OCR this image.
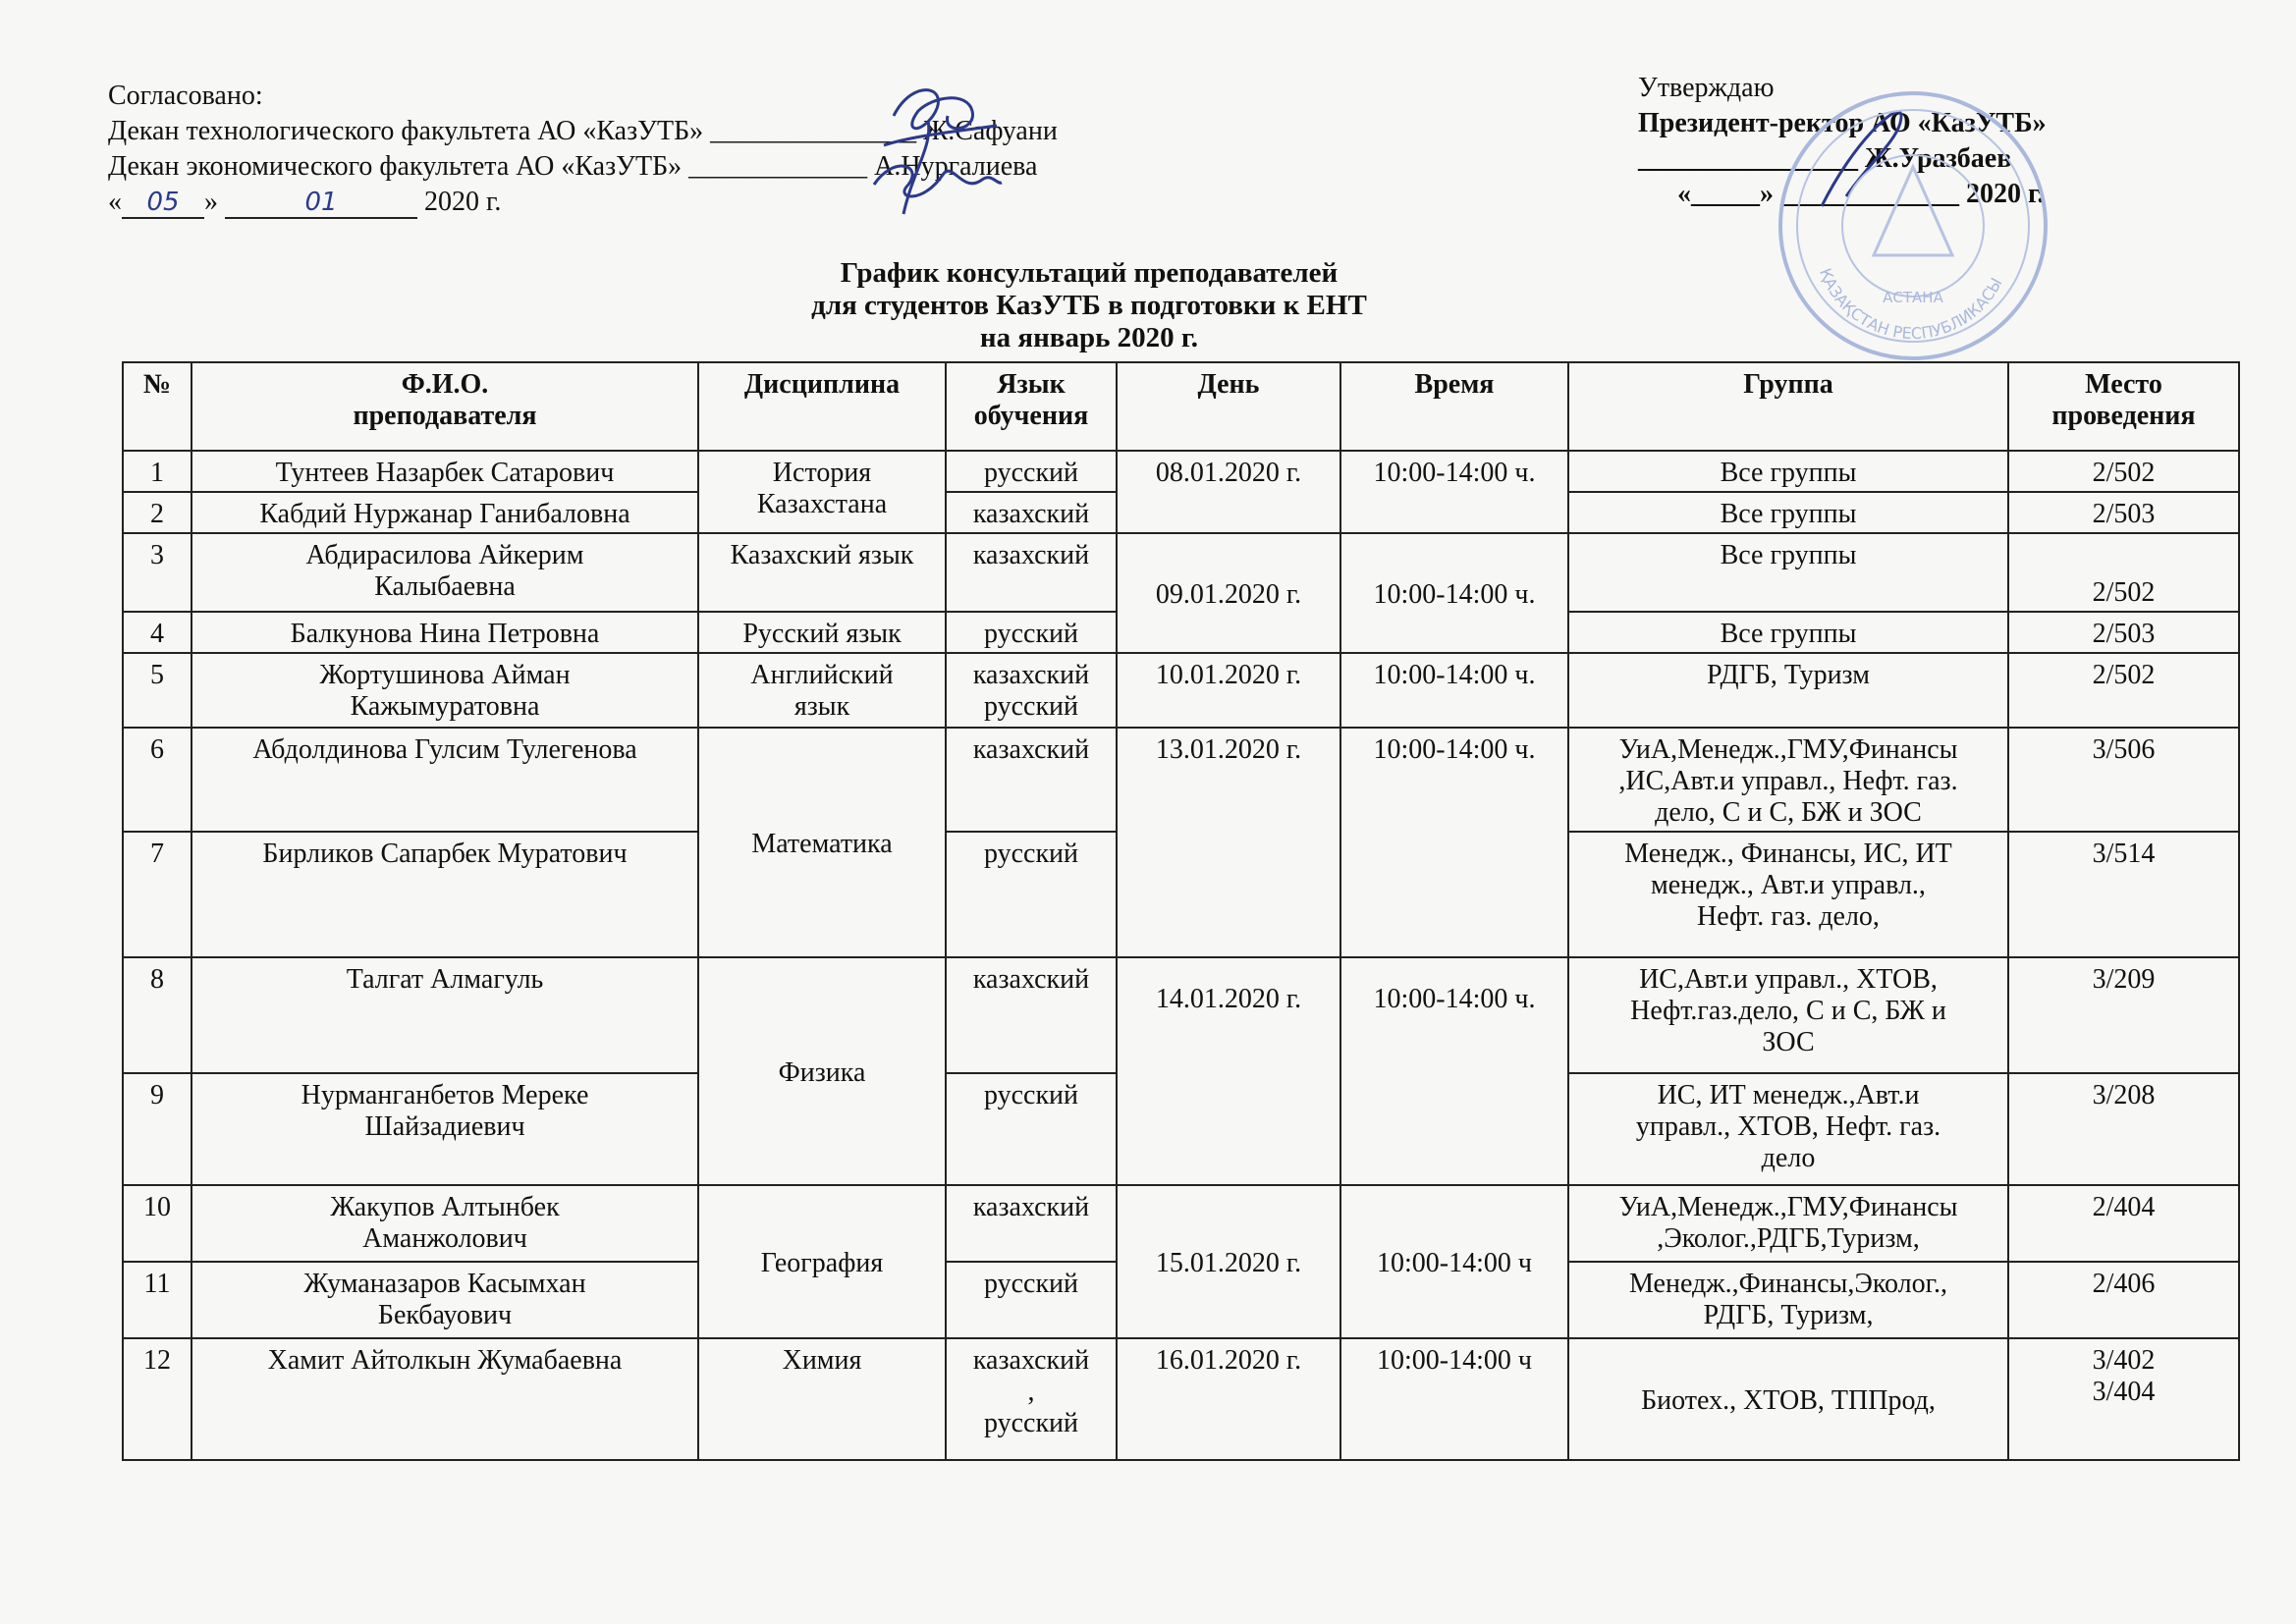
Согласовано:
Декан технологического факультета АО «КазУТБ» _______________ Ж.Сафуани
Декан экономического факультета АО «КазУТБ» _____________ А.Нургалиева
« 05 »	01	2020 г.
Утверждаю
Президент-ректор АО «КазУТБ»
________________ Ж.Уразбаев
«_____» _____________ 2020 г.
ҚАЗАҚСТАН РЕСПУБЛИКАСЫ
АСТАНА
График консультаций преподавателей
для студентов КазУТБ в подготовки к ЕНТ
на январь 2020 г.
№	Ф.И.О.
преподавателя	Дисциплина	Язык
обучения	День	Время	Группа	Место
проведения

1	Тунтеев Назарбек Сатарович	История
Казахстана	русский	08.01.2020 г.	10:00-14:00 ч.	Все группы	2/502
2	Кабдий Нуржанар Ганибаловна		казахский			Все группы	2/503
3	Абдирасилова Айкерим
Калыбаевна	Казахский язык	казахский	09.01.2020 г.	10:00-14:00 ч.	Все группы	2/502
4	Балкунова Нина Петровна	Русский язык	русский			Все группы	2/503
5	Жортушинова Айман
Кажымуратовна	Английский
язык	казахский
русский	10.01.2020 г.	10:00-14:00 ч.	РДГБ, Туризм	2/502
6	Абдолдинова Гулсим Тулегенова	Математика	казахский	13.01.2020 г.	10:00-14:00 ч.	УиА,Менедж.,ГМУ,Финансы
,ИС,Авт.и управл., Нефт. газ.
дело, С и С, БЖ и ЗОС	3/506
7	Бирликов Сапарбек Муратович		русский			Менедж., Финансы, ИС, ИТ
менедж., Авт.и управл.,
Нефт. газ. дело,	3/514
8	Талгат Алмагуль	Физика	казахский	14.01.2020 г.	10:00-14:00 ч.	ИС,Авт.и управл., ХТОВ,
Нефт.газ.дело, С и С, БЖ и
ЗОС	3/209
9	Нурманганбетов Мереке
Шайзадиевич		русский			ИС, ИТ менедж.,Авт.и
управл., ХТОВ, Нефт. газ.
дело	3/208
10	Жакупов Алтынбек
Аманжолович	География	казахский	15.01.2020 г.	10:00-14:00 ч	УиА,Менедж.,ГМУ,Финансы
,Эколог.,РДГБ,Туризм,	2/404
11	Жуманазаров Касымхан
Бекбауович		русский			Менедж.,Финансы,Эколог.,
РДГБ, Туризм,	2/406
12	Хамит Айтолкын Жумабаевна	Химия	казахский
,
русский	16.01.2020 г.	10:00-14:00 ч	Биотех., ХТОВ, ТППрод,	3/402
3/404
